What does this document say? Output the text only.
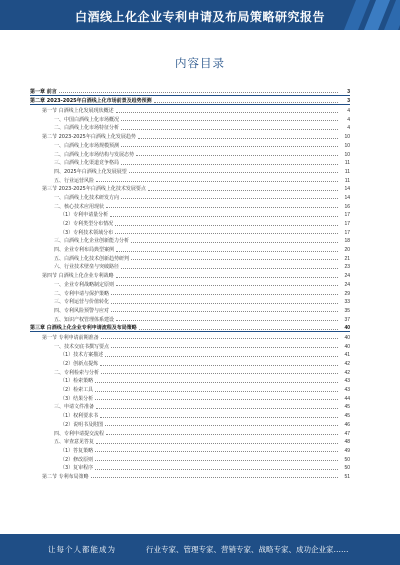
白酒线上化企业专利申请及布局策略研究报告
内容目录
第一章 前言	3
第二章 2023-2025年白酒线上化市场前景及趋势预测	3
第一节 白酒线上化发展现状概述	4
一、中国白酒线上化市场概况	4
二、白酒线上化市场特征分析	4
第二节 2023-2025年白酒线上化发展趋势	10
一、白酒线上化市场规模预测	10
二、白酒线上化市场结构与发展态势	10
三、白酒线上化渠道竞争格局	11
四、2025年白酒线上化发展展望	11
五、行业运营风险	11
第三节 2023-2025年白酒线上化技术发展要点	14
一、白酒线上化技术研发方向	14
二、核心技术应用现状	16
（1）专利申请量分析	17
（2）专利类型分布情况	17
（3）专利技术领域分布	17
三、白酒线上化企业创新能力分析	18
四、企业专利布局典型案例	20
五、白酒线上化技术创新趋势研判	21
六、行业技术壁垒与突破路径	23
第四节 白酒线上化企业专利战略	24
一、企业专利战略制定原则	24
二、专利申请与保护策略	29
三、专利运营与价值转化	33
四、专利风险预警与应对	35
五、知识产权管理体系建设	37
第三章 白酒线上化企业专利申请流程及布局策略	40
第一节 专利申请前期准备	40
一、技术交底书撰写要点	40
（1）技术方案描述	41
（2）创新点提炼	42
二、专利检索与分析	42
（1）检索策略	43
（2）检索工具	43
（3）结果分析	44
三、申请文件准备	45
（1）权利要求书	45
（2）说明书及附图	46
四、专利申请提交流程	47
五、审查意见答复	48
（1）答复策略	49
（2）修改原则	50
（3）复审程序	50
第二节 专利布局策略	51
让每个人都能成为	行业专家、管理专家、营销专家、战略专家、成功企业家……
